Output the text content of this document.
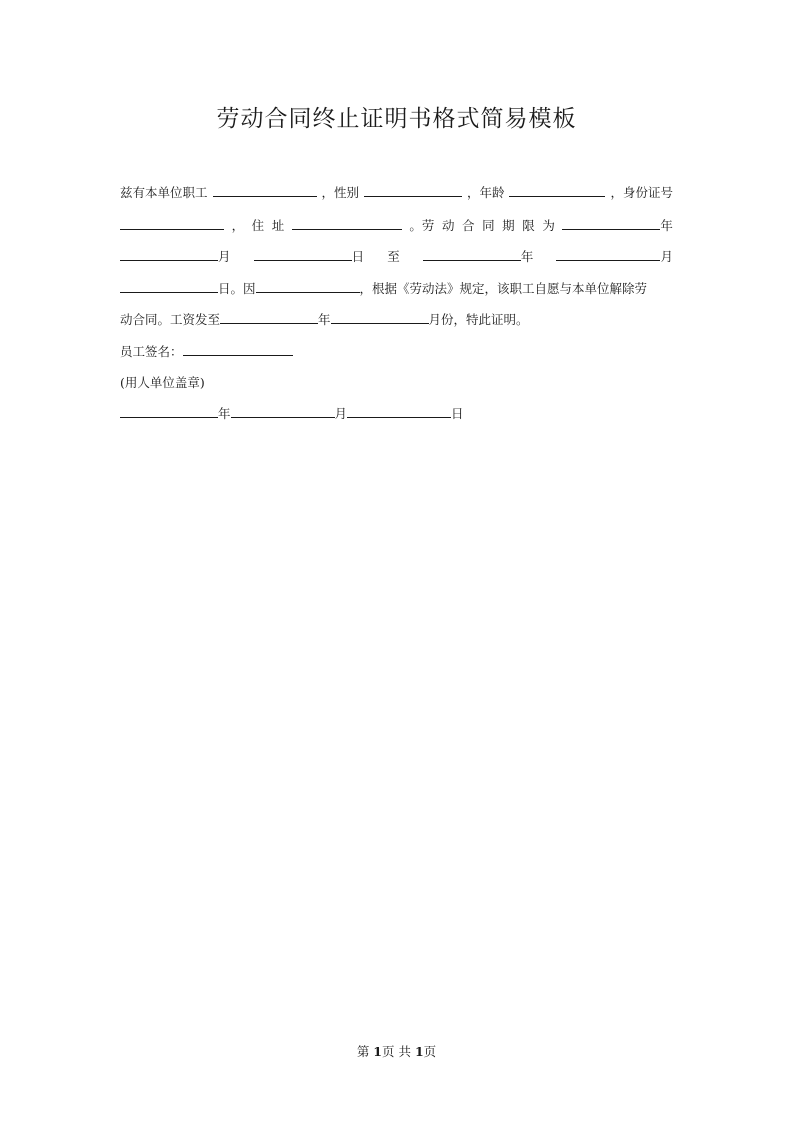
劳动合同终止证明书格式简易模板
兹有本单位职工	，性别	，年龄	，身份证号
， 住 址	。劳 动 合 同 期 限 为	年
月	日 至	年	月
日。因	，根据《劳动法》规定，该职工自愿与本单位解除劳
动合同。工资发至	年	月份，特此证明。
员工签名：
(用人单位盖章)
年	月	日
第 1页 共 1页
